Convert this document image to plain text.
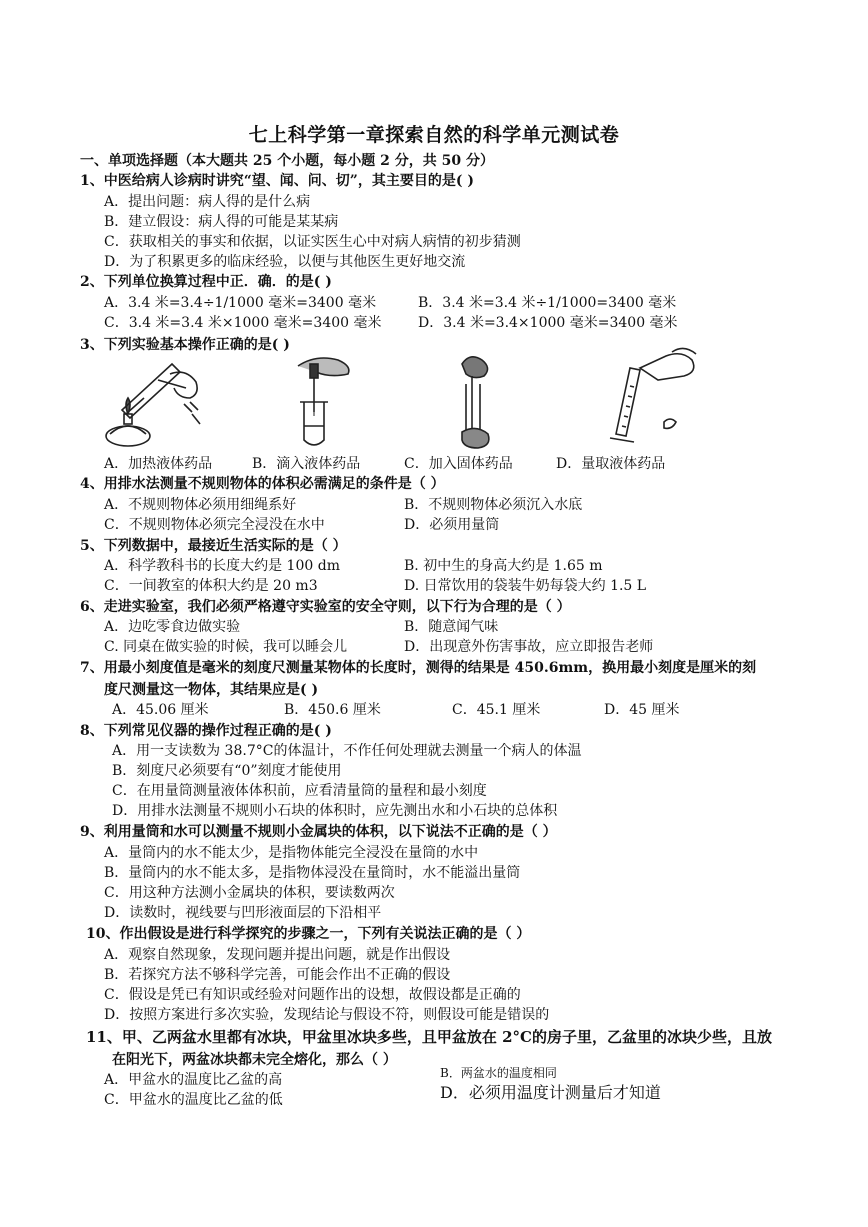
七上科学第一章探索自然的科学单元测试卷
一、单项选择题（本大题共 25 个小题，每小题 2 分，共 50 分）
1、中医给病人诊病时讲究“望、闻、问、切”，其主要目的是( )
A．提出问题：病人得的是什么病
B．建立假设：病人得的可能是某某病
C．获取相关的事实和依据，以证实医生心中对病人病情的初步猜测
D．为了积累更多的临床经验，以便与其他医生更好地交流
2、下列单位换算过程中正．确．的是( )
A．3.4 米=3.4÷1/1000 毫米=3400 毫米	B．3.4 米=3.4 米÷1/1000=3400 毫米
C．3.4 米=3.4 米×1000 毫米=3400 毫米	D．3.4 米=3.4×1000 毫米=3400 毫米
3、下列实验基本操作正确的是( )
A．加热液体药品	B．滴入液体药品	C．加入固体药品	D．量取液体药品
4、用排水法测量不规则物体的体积必需满足的条件是（ ）
A．不规则物体必须用细绳系好	B．不规则物体必须沉入水底
C．不规则物体必须完全浸没在水中	D．必须用量筒
5、下列数据中，最接近生活实际的是（ ）
A．科学教科书的长度大约是 100 dm	B. 初中生的身高大约是 1.65 m
C．一间教室的体积大约是 20 m3	D. 日常饮用的袋装牛奶每袋大约 1.5 L
6、走进实验室，我们必须严格遵守实验室的安全守则，以下行为合理的是（ ）
A．边吃零食边做实验	B．随意闻气味
C. 同桌在做实验的时候，我可以睡会儿	D．出现意外伤害事故，应立即报告老师
7、用最小刻度值是毫米的刻度尺测量某物体的长度时，测得的结果是 450.6mm，换用最小刻度是厘米的刻
度尺测量这一物体，其结果应是( )
A．45.06 厘米	B．450.6 厘米	C．45.1 厘米	D．45 厘米
8、下列常见仪器的操作过程正确的是( )
A．用一支读数为 38.7°C的体温计，不作任何处理就去测量一个病人的体温
B．刻度尺必须要有“0”刻度才能使用
C．在用量筒测量液体体积前，应看清量筒的量程和最小刻度
D．用排水法测量不规则小石块的体积时，应先测出水和小石块的总体积
9、利用量筒和水可以测量不规则小金属块的体积，以下说法不正确的是（ ）
A．量筒内的水不能太少，是指物体能完全浸没在量筒的水中
B．量筒内的水不能太多，是指物体浸没在量筒时，水不能溢出量筒
C．用这种方法测小金属块的体积，要读数两次
D．读数时，视线要与凹形液面层的下沿相平
10、作出假设是进行科学探究的步骤之一，下列有关说法正确的是（ ）
A．观察自然现象，发现问题并提出问题，就是作出假设
B．若探究方法不够科学完善，可能会作出不正确的假设
C．假设是凭已有知识或经验对问题作出的设想，故假设都是正确的
D．按照方案进行多次实验，发现结论与假设不符，则假设可能是错误的
11、甲、乙两盆水里都有冰块，甲盆里冰块多些，且甲盆放在 2°C的房子里，乙盆里的冰块少些，且放
在阳光下，两盆冰块都未完全熔化，那么（ ）
A．甲盆水的温度比乙盆的高	B．两盆水的温度相同
C．甲盆水的温度比乙盆的低	D．必须用温度计测量后才知道
